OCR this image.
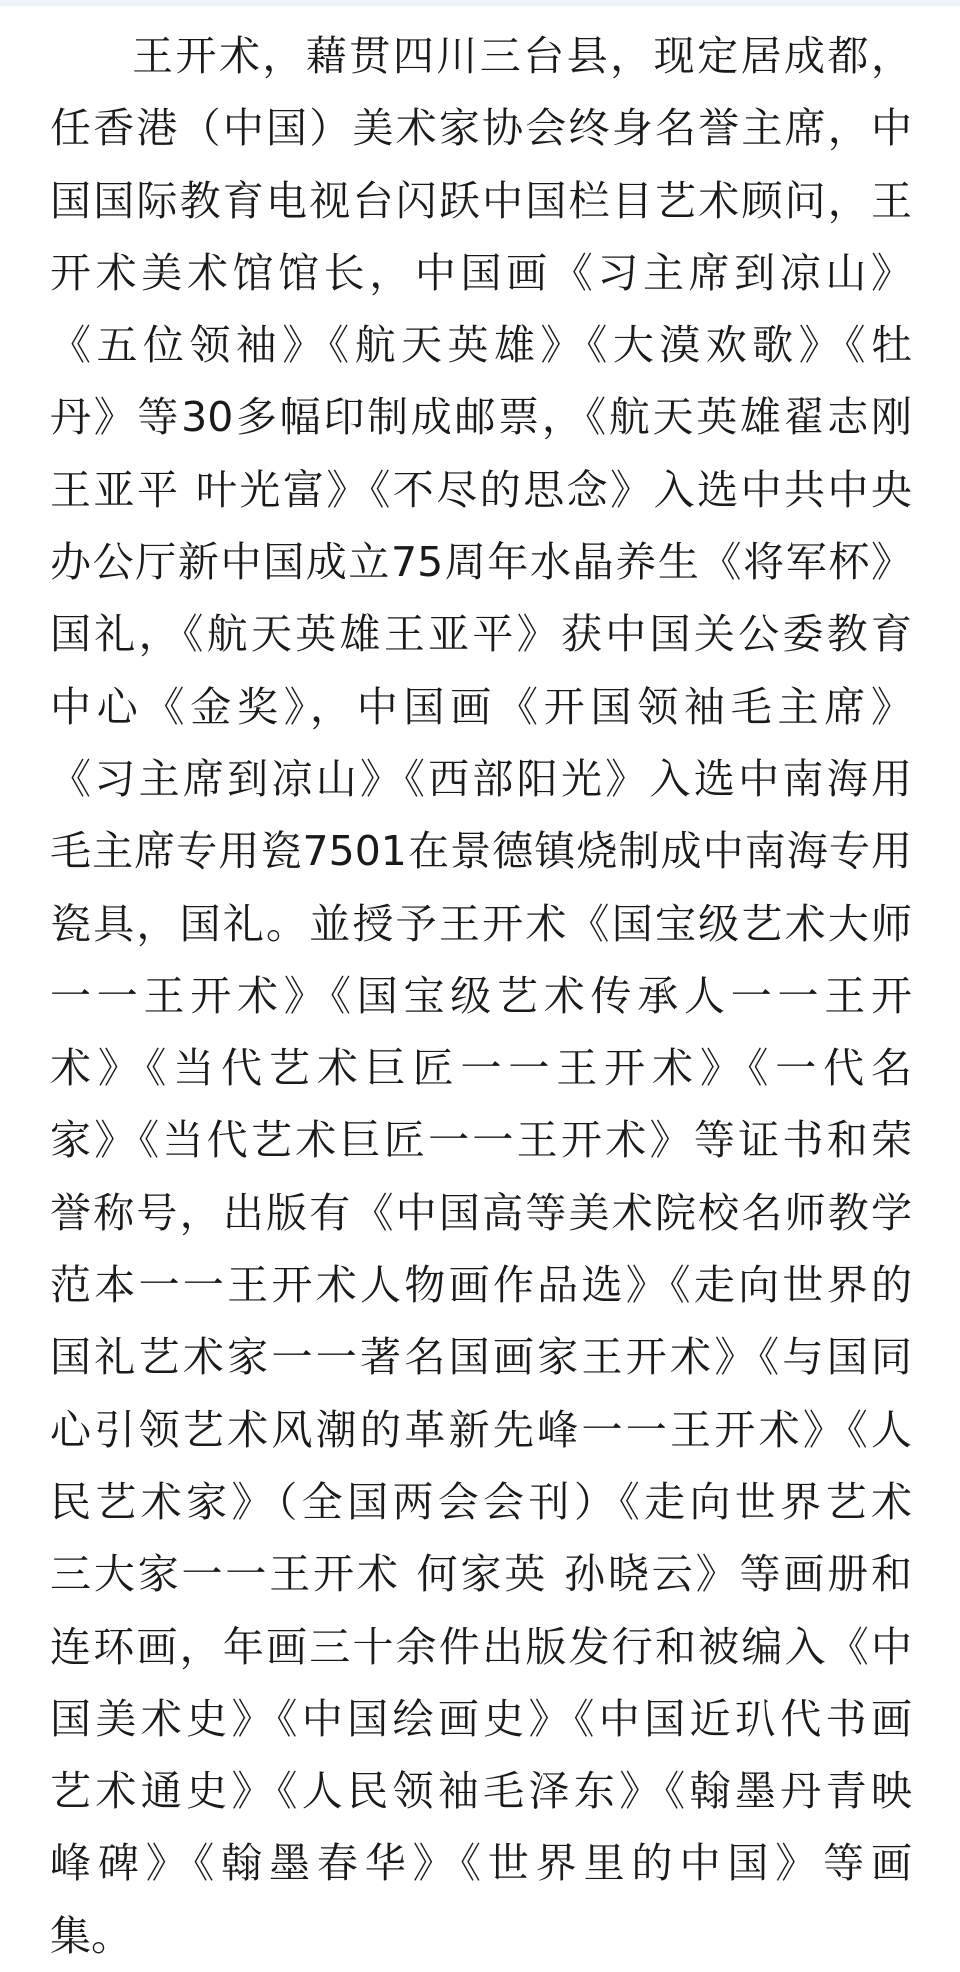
王开术，藉贯四川三台县，现定居成都，
任香港（中国）美术家协会终身名誉主席，中
国国际教育电视台闪跃中国栏目艺术顾问，王
开术美术馆馆长，中国画《习主席到凉山》
《五位领袖》《航天英雄》《大漠欢歌》《牡
丹》等30多幅印制成邮票，《航天英雄翟志刚
王亚平 叶光富》《不尽的思念》入选中共中央
办公厅新中国成立75周年水晶养生《将军杯》
国礼，《航天英雄王亚平》获中国关公委教育
中心《金奖》，中国画《开国领袖毛主席》
《习主席到凉山》《西部阳光》入选中南海用
毛主席专用瓷7501在景德镇烧制成中南海专用
瓷具，国礼。並授予王开术《国宝级艺术大师
一一王开术》《国宝级艺术传承人一一王开
术》《当代艺术巨匠一一王开术》《一代名
家》《当代艺术巨匠一一王开术》等证书和荣
誉称号，出版有《中国高等美术院校名师教学
范本一一王开术人物画作品选》《走向世界的
国礼艺术家一一著名国画家王开术》《与国同
心引领艺术风潮的革新先峰一一王开术》《人
民艺术家》（全国两会会刊）《走向世界艺术
三大家一一王开术 何家英 孙晓云》等画册和
连环画，年画三十余件出版发行和被编入《中
国美术史》《中国绘画史》《中国近玐代书画
艺术通史》《人民领袖毛泽东》《翰墨丹青映
峰碑》《翰墨春华》《世界里的中国》等画
集。
